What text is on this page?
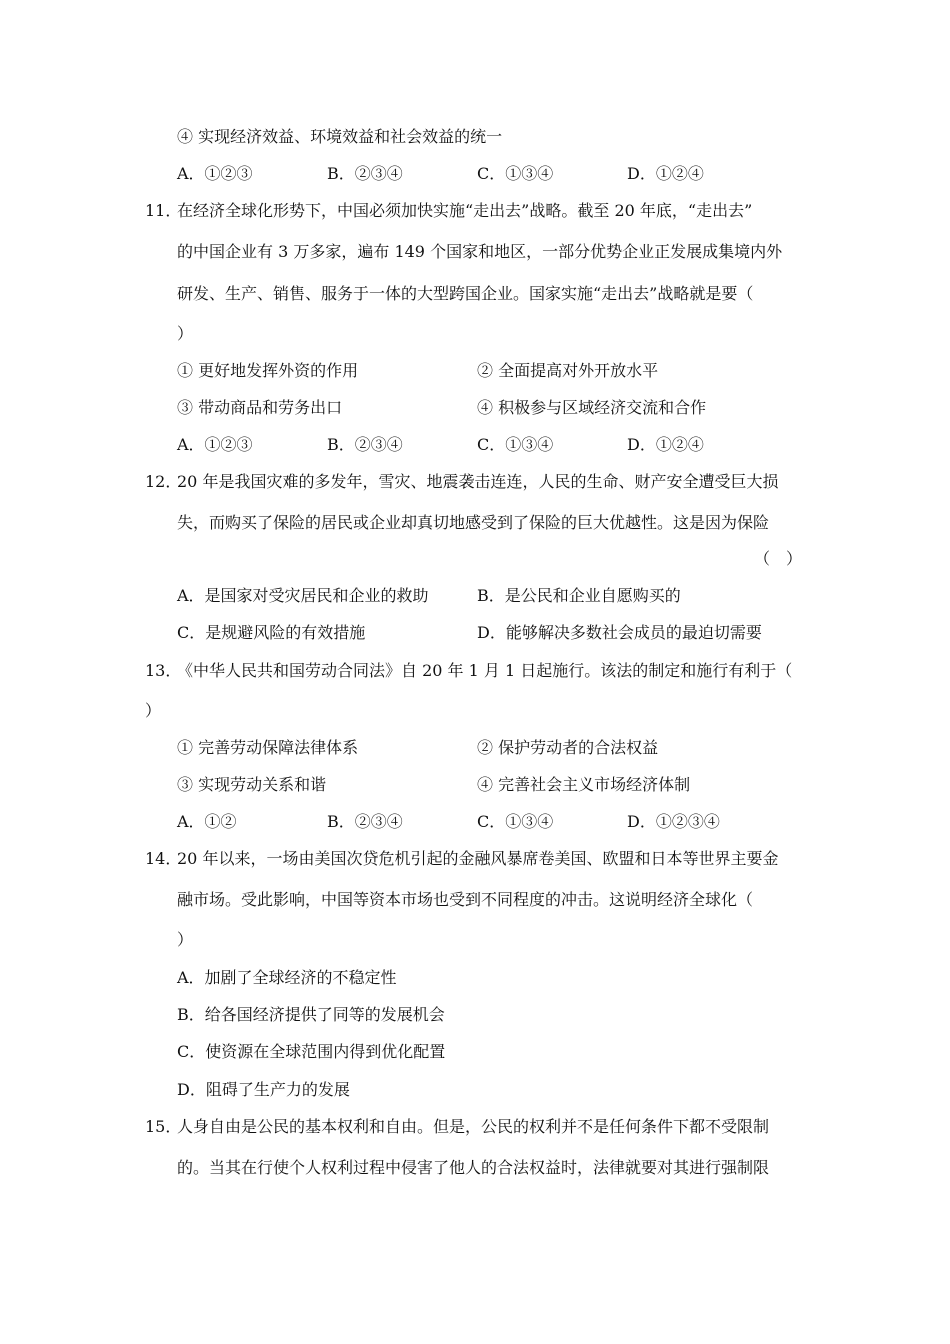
④ 实现经济效益、环境效益和社会效益的统一
A．①②③	B．②③④	C．①③④	D．①②④
11．
在经济全球化形势下，中国必须加快实施“走出去”战略。截至 20 年底，“走出去”
的中国企业有 3 万多家，遍布 149 个国家和地区，一部分优势企业正发展成集境内外
研发、生产、销售、服务于一体的大型跨国企业。国家实施“走出去”战略就是要（
）
① 更好地发挥外资的作用	② 全面提高对外开放水平
③ 带动商品和劳务出口	④ 积极参与区域经济交流和合作
A．①②③	B．②③④	C．①③④	D．①②④
12．
20 年是我国灾难的多发年，雪灾、地震袭击连连，人民的生命、财产安全遭受巨大损
失，而购买了保险的居民或企业却真切地感受到了保险的巨大优越性。这是因为保险
（　）
A．是国家对受灾居民和企业的救助	B．是公民和企业自愿购买的
C．是规避风险的有效措施	D．能够解决多数社会成员的最迫切需要
13．
《中华人民共和国劳动合同法》自 20 年 1 月 1 日起施行。该法的制定和施行有利于（
）
① 完善劳动保障法律体系	② 保护劳动者的合法权益
③ 实现劳动关系和谐	④ 完善社会主义市场经济体制
A．①②	B．②③④	C．①③④	D．①②③④
14．
20 年以来，一场由美国次贷危机引起的金融风暴席卷美国、欧盟和日本等世界主要金
融市场。受此影响，中国等资本市场也受到不同程度的冲击。这说明经济全球化（
）
A．加剧了全球经济的不稳定性
B．给各国经济提供了同等的发展机会
C．使资源在全球范围内得到优化配置
D．阻碍了生产力的发展
15．
人身自由是公民的基本权利和自由。但是，公民的权利并不是任何条件下都不受限制
的。当其在行使个人权利过程中侵害了他人的合法权益时，法律就要对其进行强制限
